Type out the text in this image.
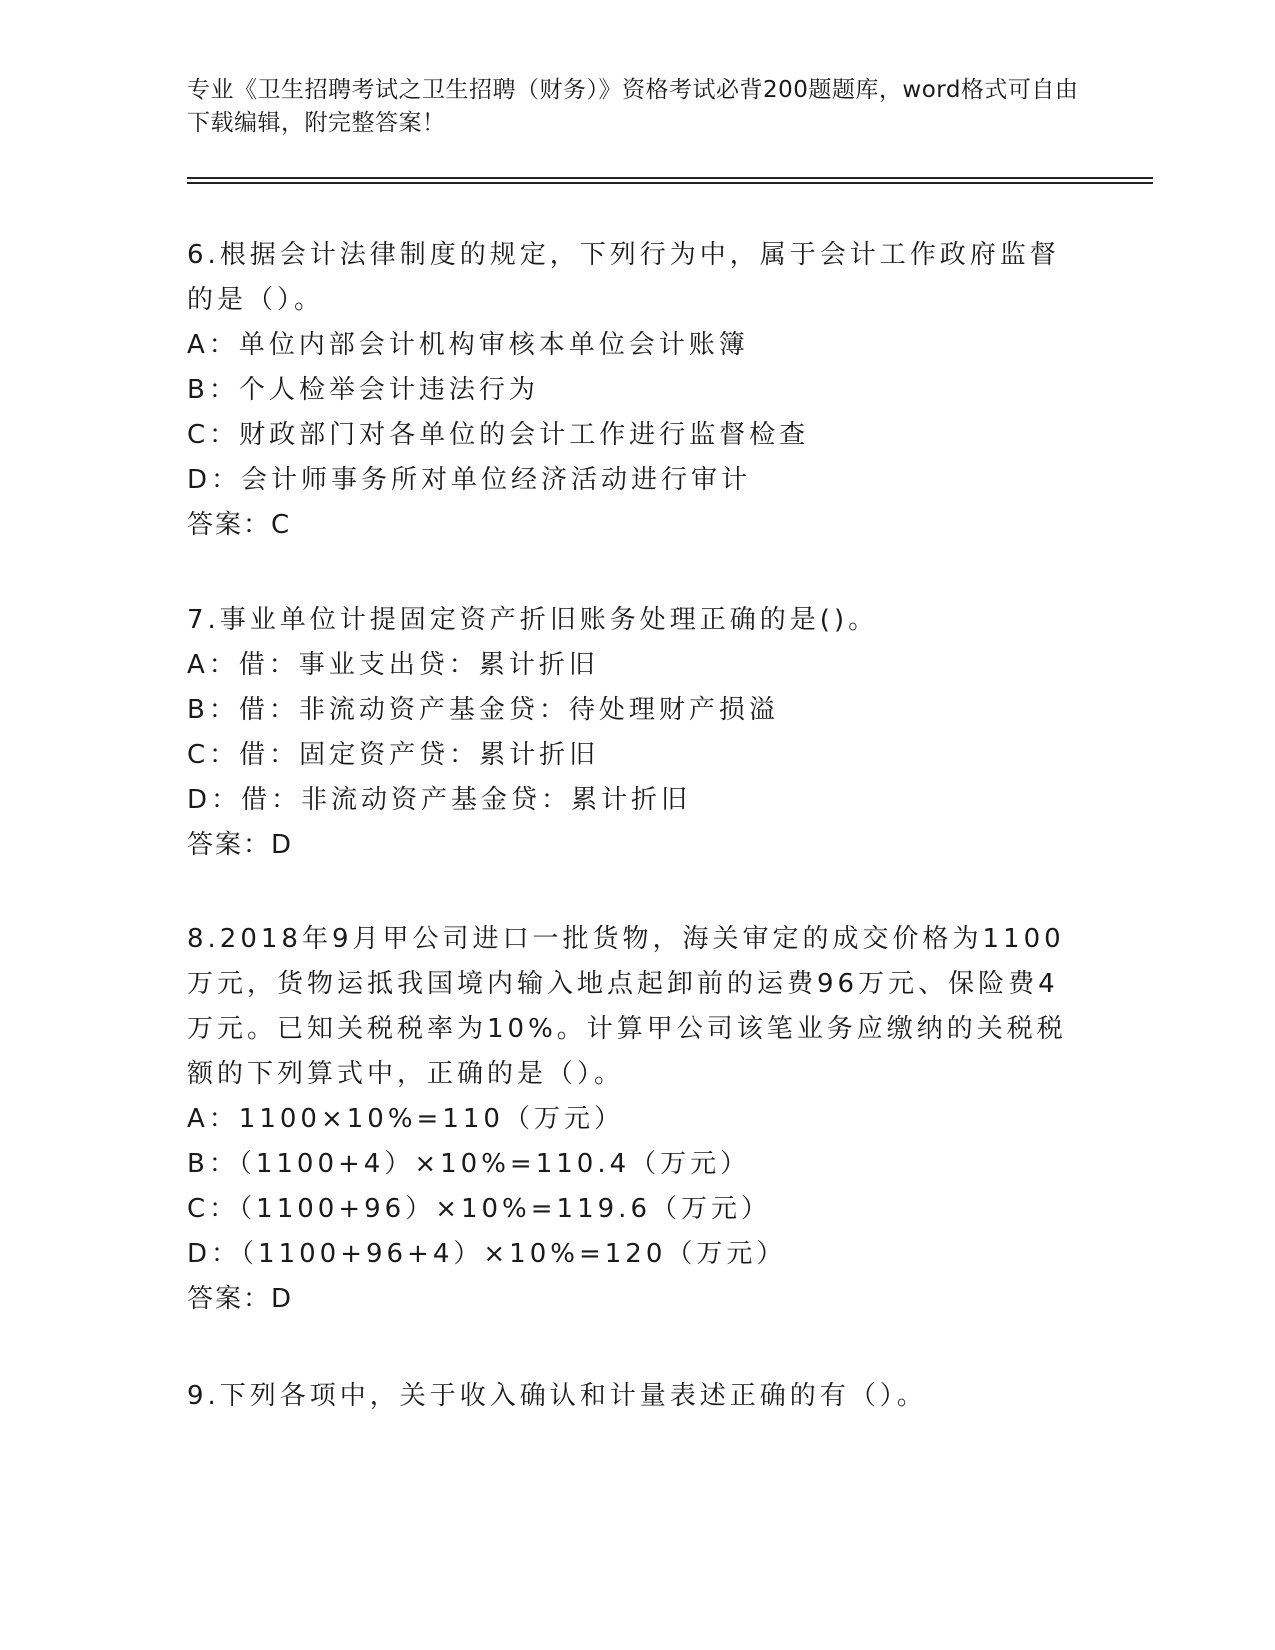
专业《卫生招聘考试之卫生招聘（财务）》资格考试必背200题题库，word格式可自由下载编辑，附完整答案！

6.根据会计法律制度的规定，下列行为中，属于会计工作政府监督的是（）。

A：单位内部会计机构审核本单位会计账簿

B：个人检举会计违法行为

C：财政部门对各单位的会计工作进行监督检查

D：会计师事务所对单位经济活动进行审计

答案：C

7.事业单位计提固定资产折旧账务处理正确的是()。

A：借：事业支出贷：累计折旧

B：借：非流动资产基金贷：待处理财产损溢

C：借：固定资产贷：累计折旧

D：借：非流动资产基金贷：累计折旧

答案：D

8.2018年9月甲公司进口一批货物，海关审定的成交价格为1100万元，货物运抵我国境内输入地点起卸前的运费96万元、保险费4万元。已知关税税率为10%。计算甲公司该笔业务应缴纳的关税税额的下列算式中，正确的是（）。

A：1100×10%=110（万元）

B：（1100+4）×10%=110.4（万元）

C：（1100+96）×10%=119.6（万元）

D：（1100+96+4）×10%=120（万元）

答案：D

9.下列各项中，关于收入确认和计量表述正确的有（）。
